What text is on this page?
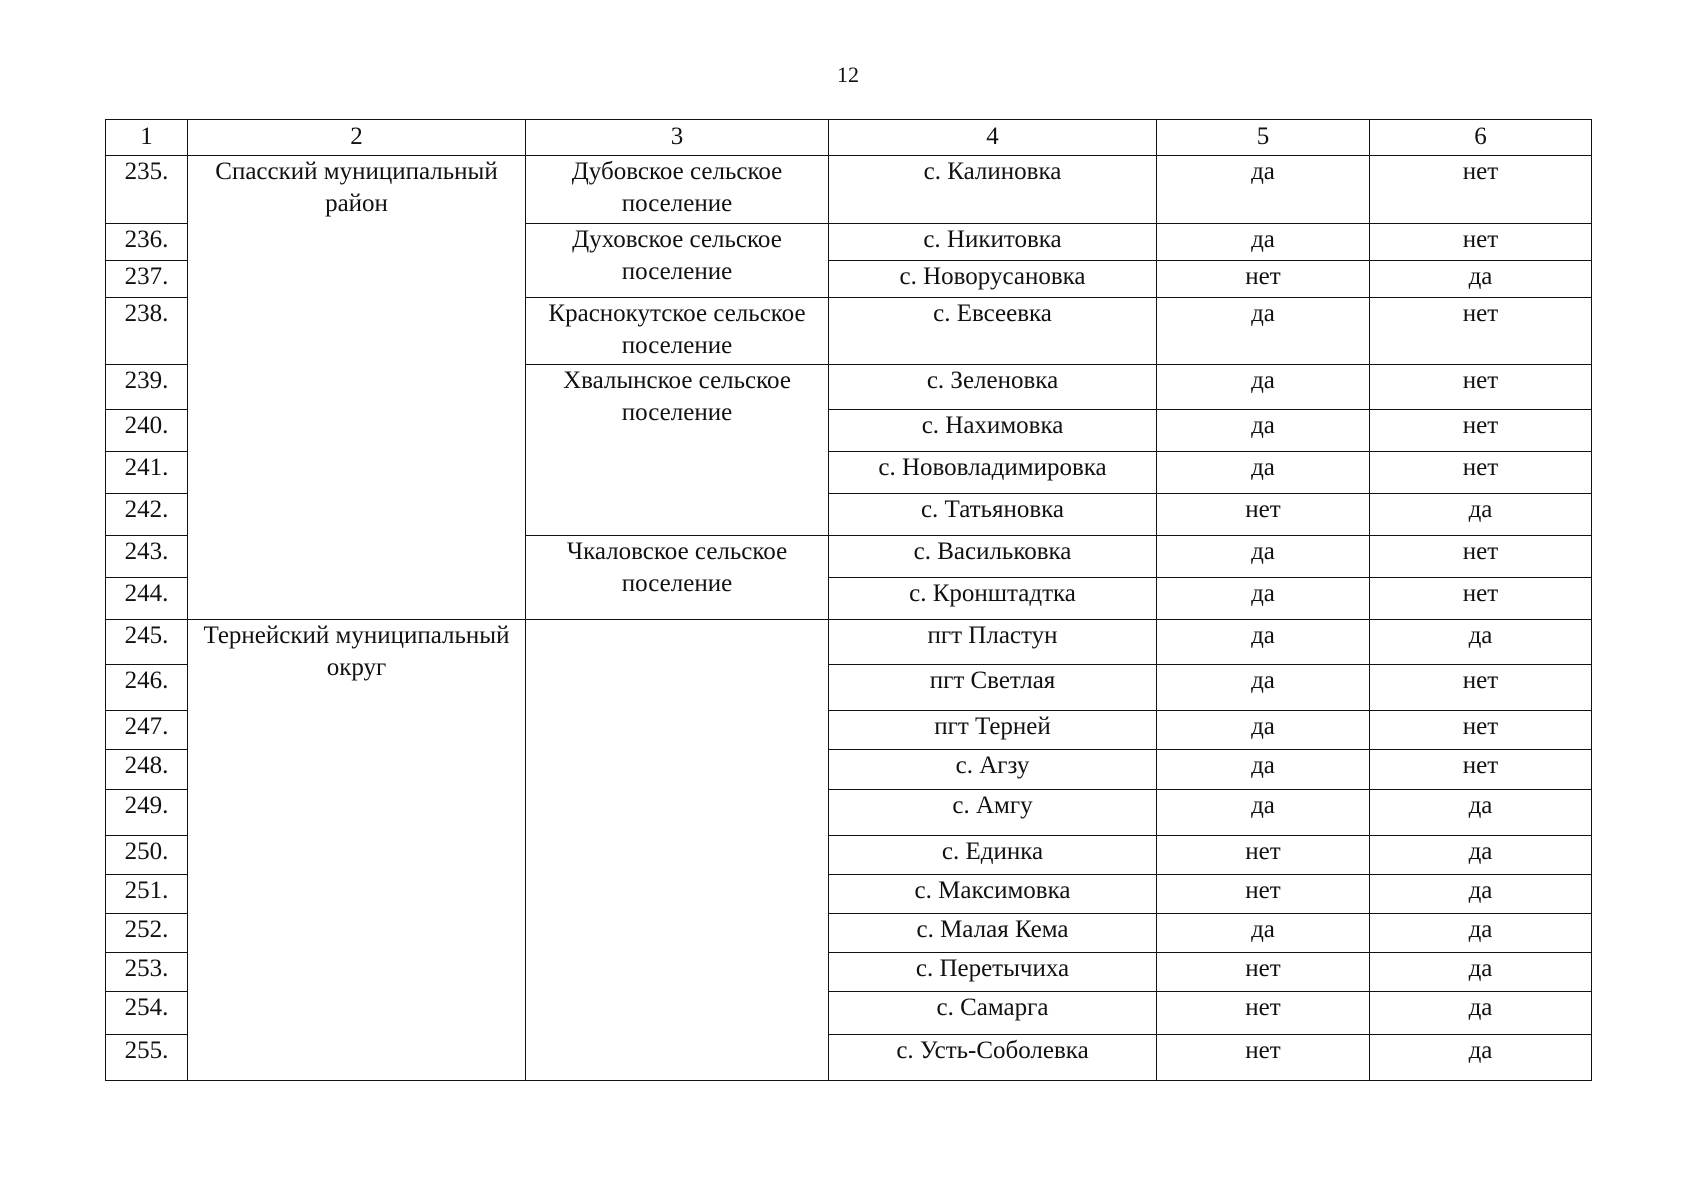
12
1	2	3	4	5	6
235.	Спасский муниципальный район	Дубовское сельское поселение	с. Калиновка	да	нет
236.		Духовское сельское поселение	с. Никитовка	да	нет
237.			с. Новорусановка	нет	да
238.		Краснокутское сельское поселение	с. Евсеевка	да	нет
239.		Хвалынское сельское поселение	с. Зеленовка	да	нет
240.			с. Нахимовка	да	нет
241.			с. Нововладимировка	да	нет
242.			с. Татьяновка	нет	да
243.		Чкаловское сельское поселение	с. Васильковка	да	нет
244.			с. Кронштадтка	да	нет
245.	Тернейский муниципальный округ		пгт Пластун	да	да
246.			пгт Светлая	да	нет
247.			пгт Терней	да	нет
248.			с. Агзу	да	нет
249.			с. Амгу	да	да
250.			с. Единка	нет	да
251.			с. Максимовка	нет	да
252.			с. Малая Кема	да	да
253.			с. Перетычиха	нет	да
254.			с. Самарга	нет	да
255.			с. Усть-Соболевка	нет	да
